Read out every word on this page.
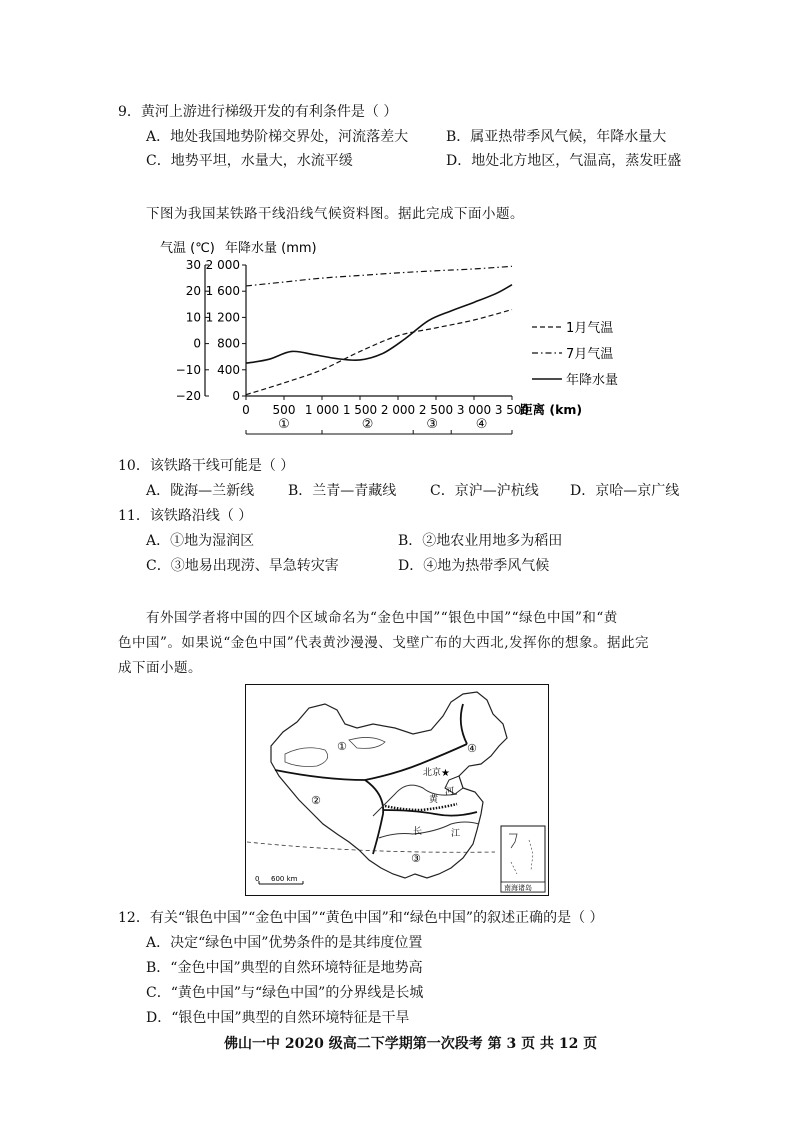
9．黄河上游进行梯级开发的有利条件是（ ）
A．地处我国地势阶梯交界处，河流落差大	B．属亚热带季风气候，年降水量大
C．地势平坦，水量大，水流平缓	D．地处北方地区，气温高，蒸发旺盛
下图为我国某铁路干线沿线气候资料图。据此完成下面小题。
气温 (℃) 年降水量 (mm)
30
20
10
0
−10
−20
2 000
1 600
1 200
800
400
0
0 500 1 000 1 500 2 000 2 500 3 000 3 500
距离 (km)
1月气温
7月气温
年降水量
①	②	③	④
10．该铁路干线可能是（ ）
A．陇海—兰新线 B．兰青—青藏线 C．京沪—沪杭线 D．京哈—京广线
11．该铁路沿线（ ）
A．①地为湿润区	B．②地农业用地多为稻田
C．③地易出现涝、旱急转灾害	D．④地为热带季风气候
有外国学者将中国的四个区域命名为“金色中国”“银色中国”“绿色中国”和“黄
色中国”。如果说“金色中国”代表黄沙漫漫、戈壁广布的大西北,发挥你的想象。据此完
成下面小题。
①
②
③
④
北京 ★
黄
河
长	江
0 600 km
南海诸岛
12．有关“银色中国”“金色中国”“黄色中国”和“绿色中国”的叙述正确的是（ ）
A．决定“绿色中国”优势条件的是其纬度位置
B．“金色中国”典型的自然环境特征是地势高
C．“黄色中国”与“绿色中国”的分界线是长城
D．“银色中国”典型的自然环境特征是干旱
佛山一中 2020 级高二下学期第一次段考 第 3 页 共 12 页
